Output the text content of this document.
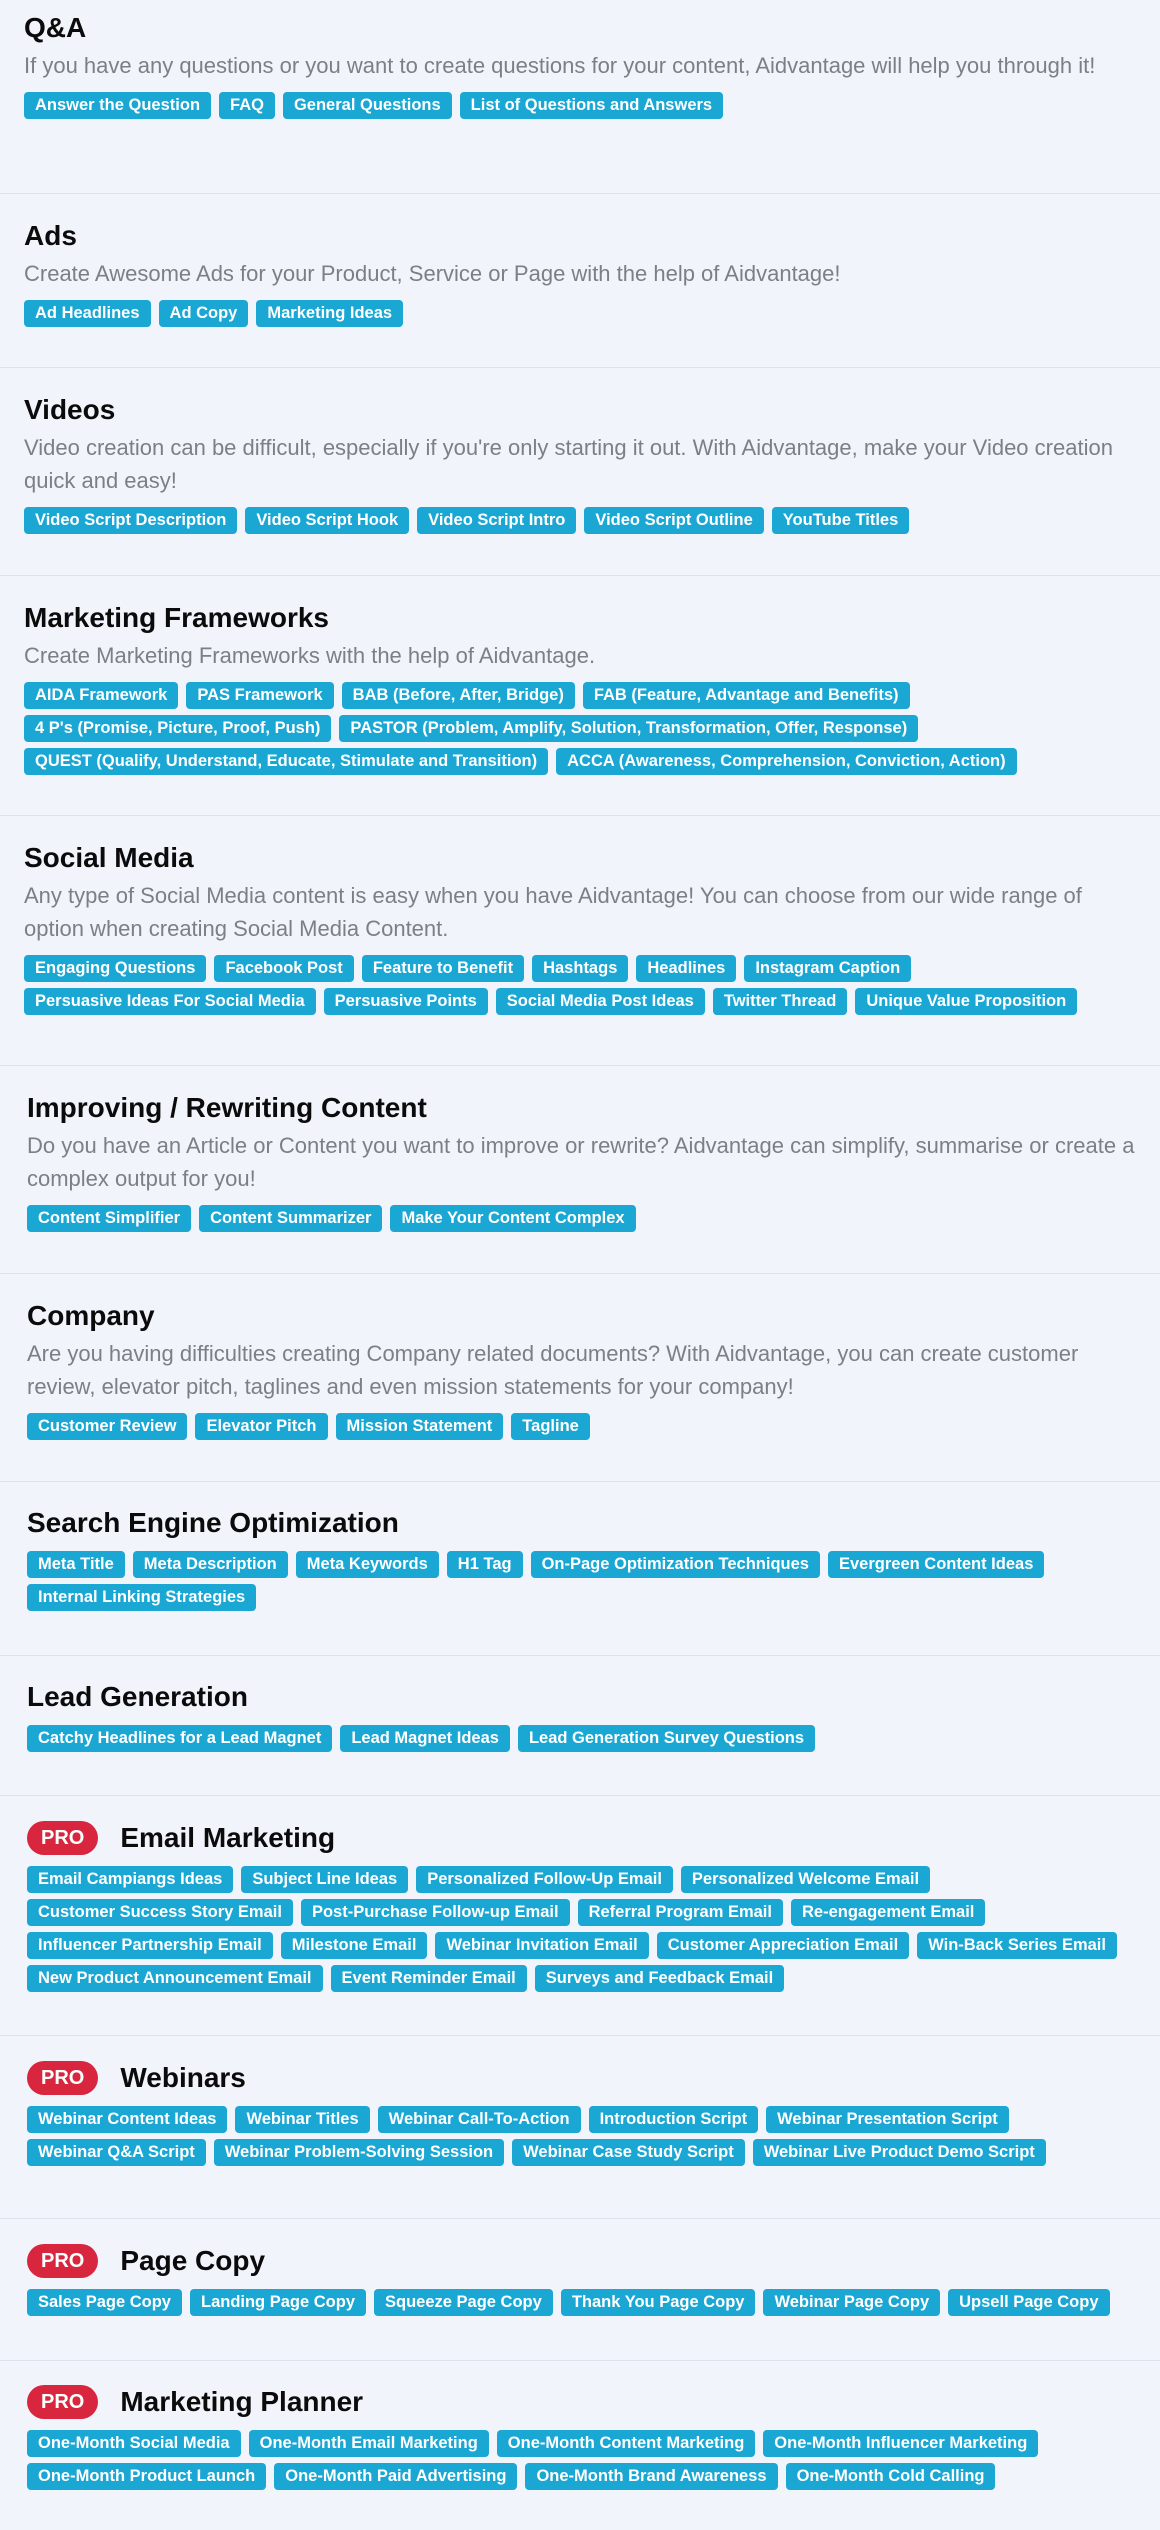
Q&A
If you have any questions or you want to create questions for your content, Aidvantage will help you through it!
Answer the Question	FAQ	General Questions	List of Questions and Answers
Ads
Create Awesome Ads for your Product, Service or Page with the help of Aidvantage!
Ad Headlines	Ad Copy	Marketing Ideas
Videos
Video creation can be difficult, especially if you're only starting it out. With Aidvantage, make your Video creation quick and easy!
Video Script Description	Video Script Hook	Video Script Intro	Video Script Outline	YouTube Titles
Marketing Frameworks
Create Marketing Frameworks with the help of Aidvantage.
AIDA Framework	PAS Framework	BAB (Before, After, Bridge)	FAB (Feature, Advantage and Benefits)
4 P's (Promise, Picture, Proof, Push)	PASTOR (Problem, Amplify, Solution, Transformation, Offer, Response)
QUEST (Qualify, Understand, Educate, Stimulate and Transition)	ACCA (Awareness, Comprehension, Conviction, Action)
Social Media
Any type of Social Media content is easy when you have Aidvantage! You can choose from our wide range of option when creating Social Media Content.
Engaging Questions	Facebook Post	Feature to Benefit	Hashtags	Headlines	Instagram Caption
Persuasive Ideas For Social Media	Persuasive Points	Social Media Post Ideas	Twitter Thread	Unique Value Proposition
Improving / Rewriting Content
Do you have an Article or Content you want to improve or rewrite? Aidvantage can simplify, summarise or create a complex output for you!
Content Simplifier	Content Summarizer	Make Your Content Complex
Company
Are you having difficulties creating Company related documents? With Aidvantage, you can create customer review, elevator pitch, taglines and even mission statements for your company!
Customer Review	Elevator Pitch	Mission Statement	Tagline
Search Engine Optimization
Meta Title	Meta Description	Meta Keywords	H1 Tag	On-Page Optimization Techniques	Evergreen Content Ideas
Internal Linking Strategies
Lead Generation
Catchy Headlines for a Lead Magnet	Lead Magnet Ideas	Lead Generation Survey Questions
PRO	Email Marketing
Email Campiangs Ideas	Subject Line Ideas	Personalized Follow-Up Email	Personalized Welcome Email
Customer Success Story Email	Post-Purchase Follow-up Email	Referral Program Email	Re-engagement Email
Influencer Partnership Email	Milestone Email	Webinar Invitation Email	Customer Appreciation Email	Win-Back Series Email
New Product Announcement Email	Event Reminder Email	Surveys and Feedback Email
PRO	Webinars
Webinar Content Ideas	Webinar Titles	Webinar Call-To-Action	Introduction Script	Webinar Presentation Script
Webinar Q&A Script	Webinar Problem-Solving Session	Webinar Case Study Script	Webinar Live Product Demo Script
PRO	Page Copy
Sales Page Copy	Landing Page Copy	Squeeze Page Copy	Thank You Page Copy	Webinar Page Copy	Upsell Page Copy
PRO	Marketing Planner
One-Month Social Media	One-Month Email Marketing	One-Month Content Marketing	One-Month Influencer Marketing
One-Month Product Launch	One-Month Paid Advertising	One-Month Brand Awareness	One-Month Cold Calling
